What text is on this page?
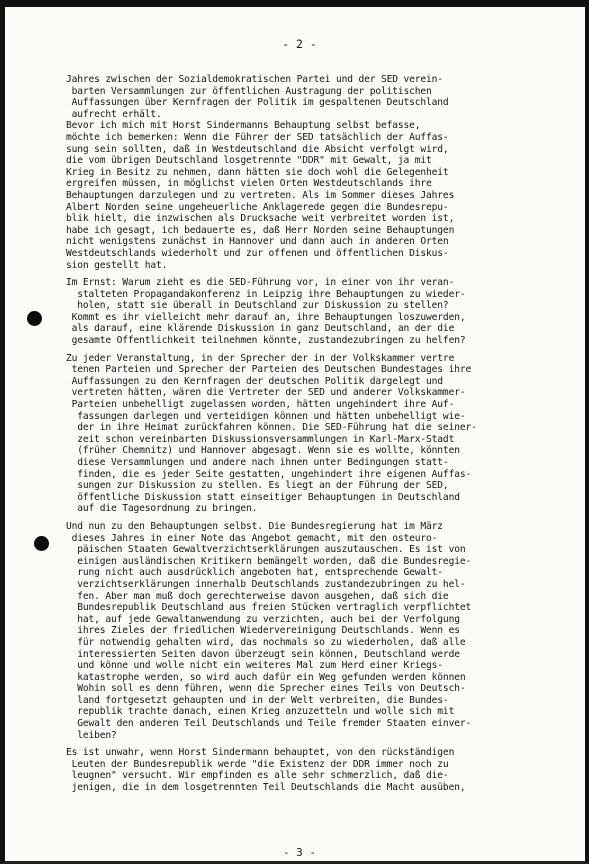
- 2 -
Jahres zwischen der Sozialdemokratischen Partei und der SED verein-
barten Versammlungen zur öffentlichen Austragung der politischen
Auffassungen über Kernfragen der Politik im gespaltenen Deutschland
aufrecht erhält.
Bevor ich mich mit Horst Sindermanns Behauptung selbst befasse,
möchte ich bemerken: Wenn die Führer der SED tatsächlich der Auffas-
sung sein sollten, daß in Westdeutschland die Absicht verfolgt wird,
die vom übrigen Deutschland losgetrennte "DDR" mit Gewalt, ja mit
Krieg in Besitz zu nehmen, dann hätten sie doch wohl die Gelegenheit
ergreifen müssen, in möglichst vielen Orten Westdeutschlands ihre
Behauptungen darzulegen und zu vertreten. Als im Sommer dieses Jahres
Albert Norden seine ungeheuerliche Anklagerede gegen die Bundesrepu-
blik hielt, die inzwischen als Drucksache weit verbreitet worden ist,
habe ich gesagt, ich bedauerte es, daß Herr Norden seine Behauptungen
nicht wenigstens zunächst in Hannover und dann auch in anderen Orten
Westdeutschlands wiederholt und zur offenen und öffentlichen Diskus-
sion gestellt hat.
Im Ernst: Warum zieht es die SED-Führung vor, in einer von ihr veran-
stalteten Propagandakonferenz in Leipzig ihre Behauptungen zu wieder-
holen, statt sie überall in Deutschland zur Diskussion zu stellen?
Kommt es ihr vielleicht mehr darauf an, ihre Behauptungen loszuwerden,
als darauf, eine klärende Diskussion in ganz Deutschland, an der die
gesamte Öffentlichkeit teilnehmen könnte, zustandezubringen zu helfen?
Zu jeder Veranstaltung, in der Sprecher der in der Volkskammer vertre
tenen Parteien und Sprecher der Parteien des Deutschen Bundestages ihre
Auffassungen zu den Kernfragen der deutschen Politik dargelegt und
vertreten hätten, wären die Vertreter der SED und anderer Volkskammer-
Parteien unbehelligt zugelassen worden, hätten ungehindert ihre Auf-
fassungen darlegen und verteidigen können und hätten unbehelligt wie-
der in ihre Heimat zurückfahren können. Die SED-Führung hat die seiner-
zeit schon vereinbarten Diskussionsversammlungen in Karl-Marx-Stadt
(früher Chemnitz) und Hannover abgesagt. Wenn sie es wollte, könnten
diese Versammlungen und andere nach ihnen unter Bedingungen statt-
finden, die es jeder Seite gestatten, ungehindert ihre eigenen Auffas-
sungen zur Diskussion zu stellen. Es liegt an der Führung der SED,
öffentliche Diskussion statt einseitiger Behauptungen in Deutschland
auf die Tagesordnung zu bringen.
Und nun zu den Behauptungen selbst. Die Bundesregierung hat im März
dieses Jahres in einer Note das Angebot gemacht, mit den osteuro-
päischen Staaten Gewaltverzichtserklärungen auszutauschen. Es ist von
einigen ausländischen Kritikern bemängelt worden, daß die Bundesregie-
rung nicht auch ausdrücklich angeboten hat, entsprechende Gewalt-
verzichtserklärungen innerhalb Deutschlands zustandezubringen zu hel-
fen. Aber man muß doch gerechterweise davon ausgehen, daß sich die
Bundesrepublik Deutschland aus freien Stücken vertraglich verpflichtet
hat, auf jede Gewaltanwendung zu verzichten, auch bei der Verfolgung
ihres Zieles der friedlichen Wiedervereinigung Deutschlands. Wenn es
für notwendig gehalten wird, das nochmals so zu wiederholen, daß alle
interessierten Seiten davon überzeugt sein können, Deutschland werde
und könne und wolle nicht ein weiteres Mal zum Herd einer Kriegs-
katastrophe werden, so wird auch dafür ein Weg gefunden werden können
Wohin soll es denn führen, wenn die Sprecher eines Teils von Deutsch-
land fortgesetzt gehaupten und in der Welt verbreiten, die Bundes-
republik trachte danach, einen Krieg anzuzetteln und wolle sich mit
Gewalt den anderen Teil Deutschlands und Teile fremder Staaten einver-
leiben?
Es ist unwahr, wenn Horst Sindermann behauptet, von den rückständigen
Leuten der Bundesrepublik werde "die Existenz der DDR immer noch zu
leugnen" versucht. Wir empfinden es alle sehr schmerzlich, daß die-
jenigen, die in dem losgetrennten Teil Deutschlands die Macht ausüben,
- 3 -
